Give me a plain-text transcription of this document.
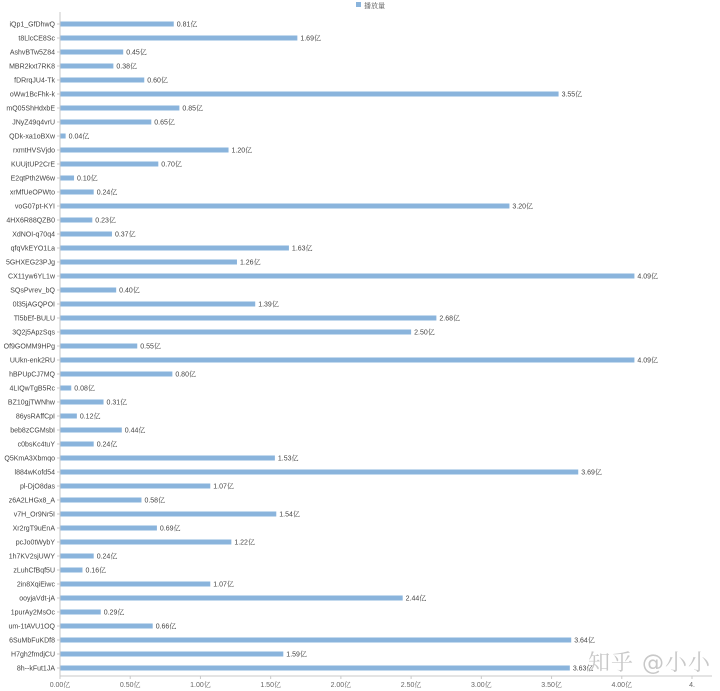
播放量
iQp1_GfDhwQ
t8LlcCE8Sc
AshvBTw5Z84
MBR2kxt7RK8
fDRrqJU4-Tk
oWw1BcFhk-k
mQ05ShHdxbE
JNyZ49q4vrU
QDk-xa1oBXw
rxmtHVSVjdo
KUUjtUP2CrE
E2qtPth2W6w
xrMfUeOPWto
voG07pt-KYI
4HX6R88QZB0
XdNOI-q70q4
qfqVkEYO1La
5GHXEG23PJg
CX11yw6YL1w
SQsPvrev_bQ
0l35jAGQPOI
Tl5bEf-BULU
3Q2j5ApzSqs
Of9GOMM9HPg
UUkn-enk2RU
hBPUpCJ7MQ
4LIQwTgB5Rc
BZ10gjTWNhw
86ysRAffCpI
beb8zCGMsbI
c0bsKc4tuY
Q5KmA3Xbmqo
l884wKofd54
pl-DjO8das
z6A2LHGx8_A
v7H_Or9Nr5I
Xr2rgT9uEnA
pcJo0tWybY
1h7KV2sjUWY
zLuhCfBqf5U
2in8XqiEiwc
ooyjaVdt-jA
1purAy2MsOc
um-1tAVU1OQ
6SuMbFuKDf8
H7gh2fmdjCU
8h--kFut1JA
0.81亿
1.69亿
0.45亿
0.38亿
0.60亿
3.55亿
0.85亿
0.65亿
0.04亿
1.20亿
0.70亿
0.10亿
0.24亿
3.20亿
0.23亿
0.37亿
1.63亿
1.26亿
4.09亿
0.40亿
1.39亿
2.68亿
2.50亿
0.55亿
4.09亿
0.80亿
0.08亿
0.31亿
0.12亿
0.44亿
0.24亿
1.53亿
3.69亿
1.07亿
0.58亿
1.54亿
0.69亿
1.22亿
0.24亿
0.16亿
1.07亿
2.44亿
0.29亿
0.66亿
3.64亿
1.59亿
3.63亿
0.00亿	0.50亿	1.00亿	1.50亿	2.00亿	2.50亿	3.00亿	3.50亿	4.00亿	4.
知乎 @小小
